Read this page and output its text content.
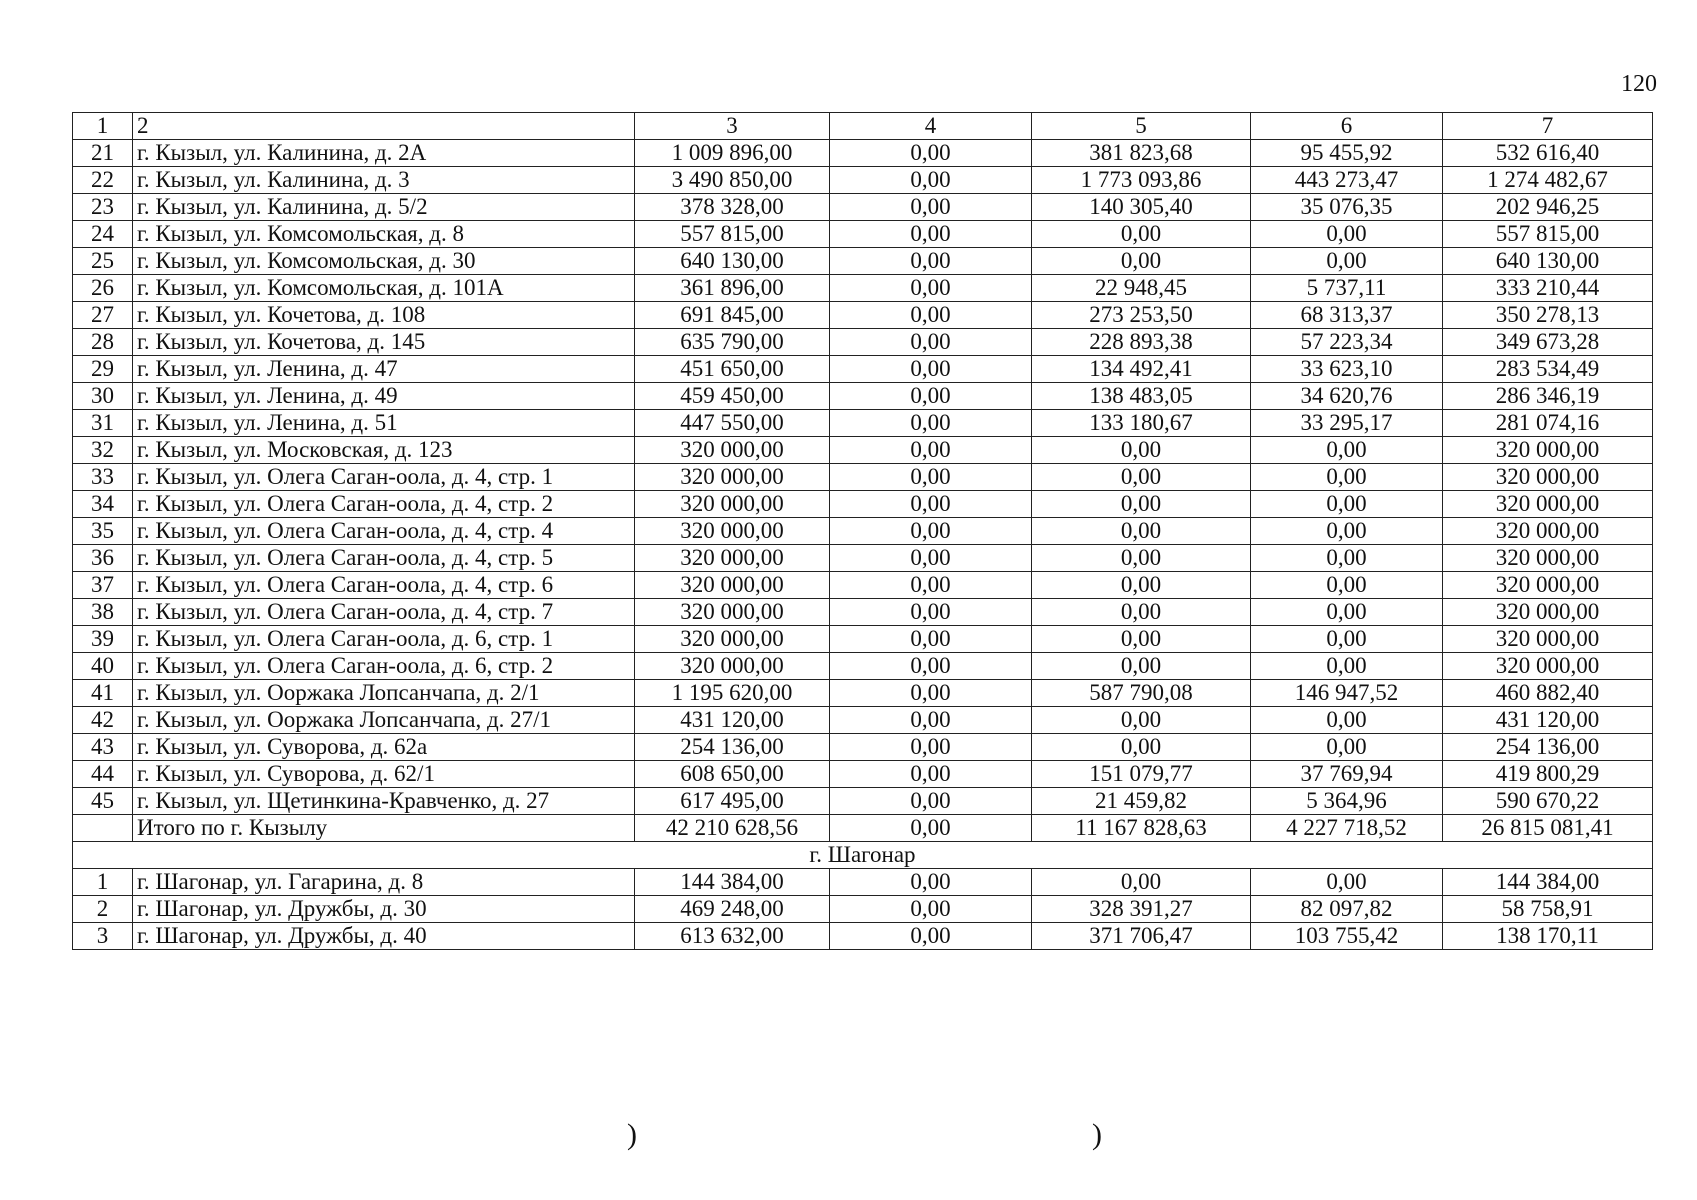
120
1	2	3	4	5	6	7
21	г. Кызыл, ул. Калинина, д. 2А	1 009 896,00	0,00	381 823,68	95 455,92	532 616,40
22	г. Кызыл, ул. Калинина, д. 3	3 490 850,00	0,00	1 773 093,86	443 273,47	1 274 482,67
23	г. Кызыл, ул. Калинина, д. 5/2	378 328,00	0,00	140 305,40	35 076,35	202 946,25
24	г. Кызыл, ул. Комсомольская, д. 8	557 815,00	0,00	0,00	0,00	557 815,00
25	г. Кызыл, ул. Комсомольская, д. 30	640 130,00	0,00	0,00	0,00	640 130,00
26	г. Кызыл, ул. Комсомольская, д. 101А	361 896,00	0,00	22 948,45	5 737,11	333 210,44
27	г. Кызыл, ул. Кочетова, д. 108	691 845,00	0,00	273 253,50	68 313,37	350 278,13
28	г. Кызыл, ул. Кочетова, д. 145	635 790,00	0,00	228 893,38	57 223,34	349 673,28
29	г. Кызыл, ул. Ленина, д. 47	451 650,00	0,00	134 492,41	33 623,10	283 534,49
30	г. Кызыл, ул. Ленина, д. 49	459 450,00	0,00	138 483,05	34 620,76	286 346,19
31	г. Кызыл, ул. Ленина, д. 51	447 550,00	0,00	133 180,67	33 295,17	281 074,16
32	г. Кызыл, ул. Московская, д. 123	320 000,00	0,00	0,00	0,00	320 000,00
33	г. Кызыл, ул. Олега Саган-оола, д. 4, стр. 1	320 000,00	0,00	0,00	0,00	320 000,00
34	г. Кызыл, ул. Олега Саган-оола, д. 4, стр. 2	320 000,00	0,00	0,00	0,00	320 000,00
35	г. Кызыл, ул. Олега Саган-оола, д. 4, стр. 4	320 000,00	0,00	0,00	0,00	320 000,00
36	г. Кызыл, ул. Олега Саган-оола, д. 4, стр. 5	320 000,00	0,00	0,00	0,00	320 000,00
37	г. Кызыл, ул. Олега Саган-оола, д. 4, стр. 6	320 000,00	0,00	0,00	0,00	320 000,00
38	г. Кызыл, ул. Олега Саган-оола, д. 4, стр. 7	320 000,00	0,00	0,00	0,00	320 000,00
39	г. Кызыл, ул. Олега Саган-оола, д. 6, стр. 1	320 000,00	0,00	0,00	0,00	320 000,00
40	г. Кызыл, ул. Олега Саган-оола, д. 6, стр. 2	320 000,00	0,00	0,00	0,00	320 000,00
41	г. Кызыл, ул. Ооржака Лопсанчапа, д. 2/1	1 195 620,00	0,00	587 790,08	146 947,52	460 882,40
42	г. Кызыл, ул. Ооржака Лопсанчапа, д. 27/1	431 120,00	0,00	0,00	0,00	431 120,00
43	г. Кызыл, ул. Суворова, д. 62а	254 136,00	0,00	0,00	0,00	254 136,00
44	г. Кызыл, ул. Суворова, д. 62/1	608 650,00	0,00	151 079,77	37 769,94	419 800,29
45	г. Кызыл, ул. Щетинкина-Кравченко, д. 27	617 495,00	0,00	21 459,82	5 364,96	590 670,22
	Итого по г. Кызылу	42 210 628,56	0,00	11 167 828,63	4 227 718,52	26 815 081,41
г. Шагонар						
1	г. Шагонар, ул. Гагарина, д. 8	144 384,00	0,00	0,00	0,00	144 384,00
2	г. Шагонар, ул. Дружбы, д. 30	469 248,00	0,00	328 391,27	82 097,82	58 758,91
3	г. Шагонар, ул. Дружбы, д. 40	613 632,00	0,00	371 706,47	103 755,42	138 170,11
)	)
